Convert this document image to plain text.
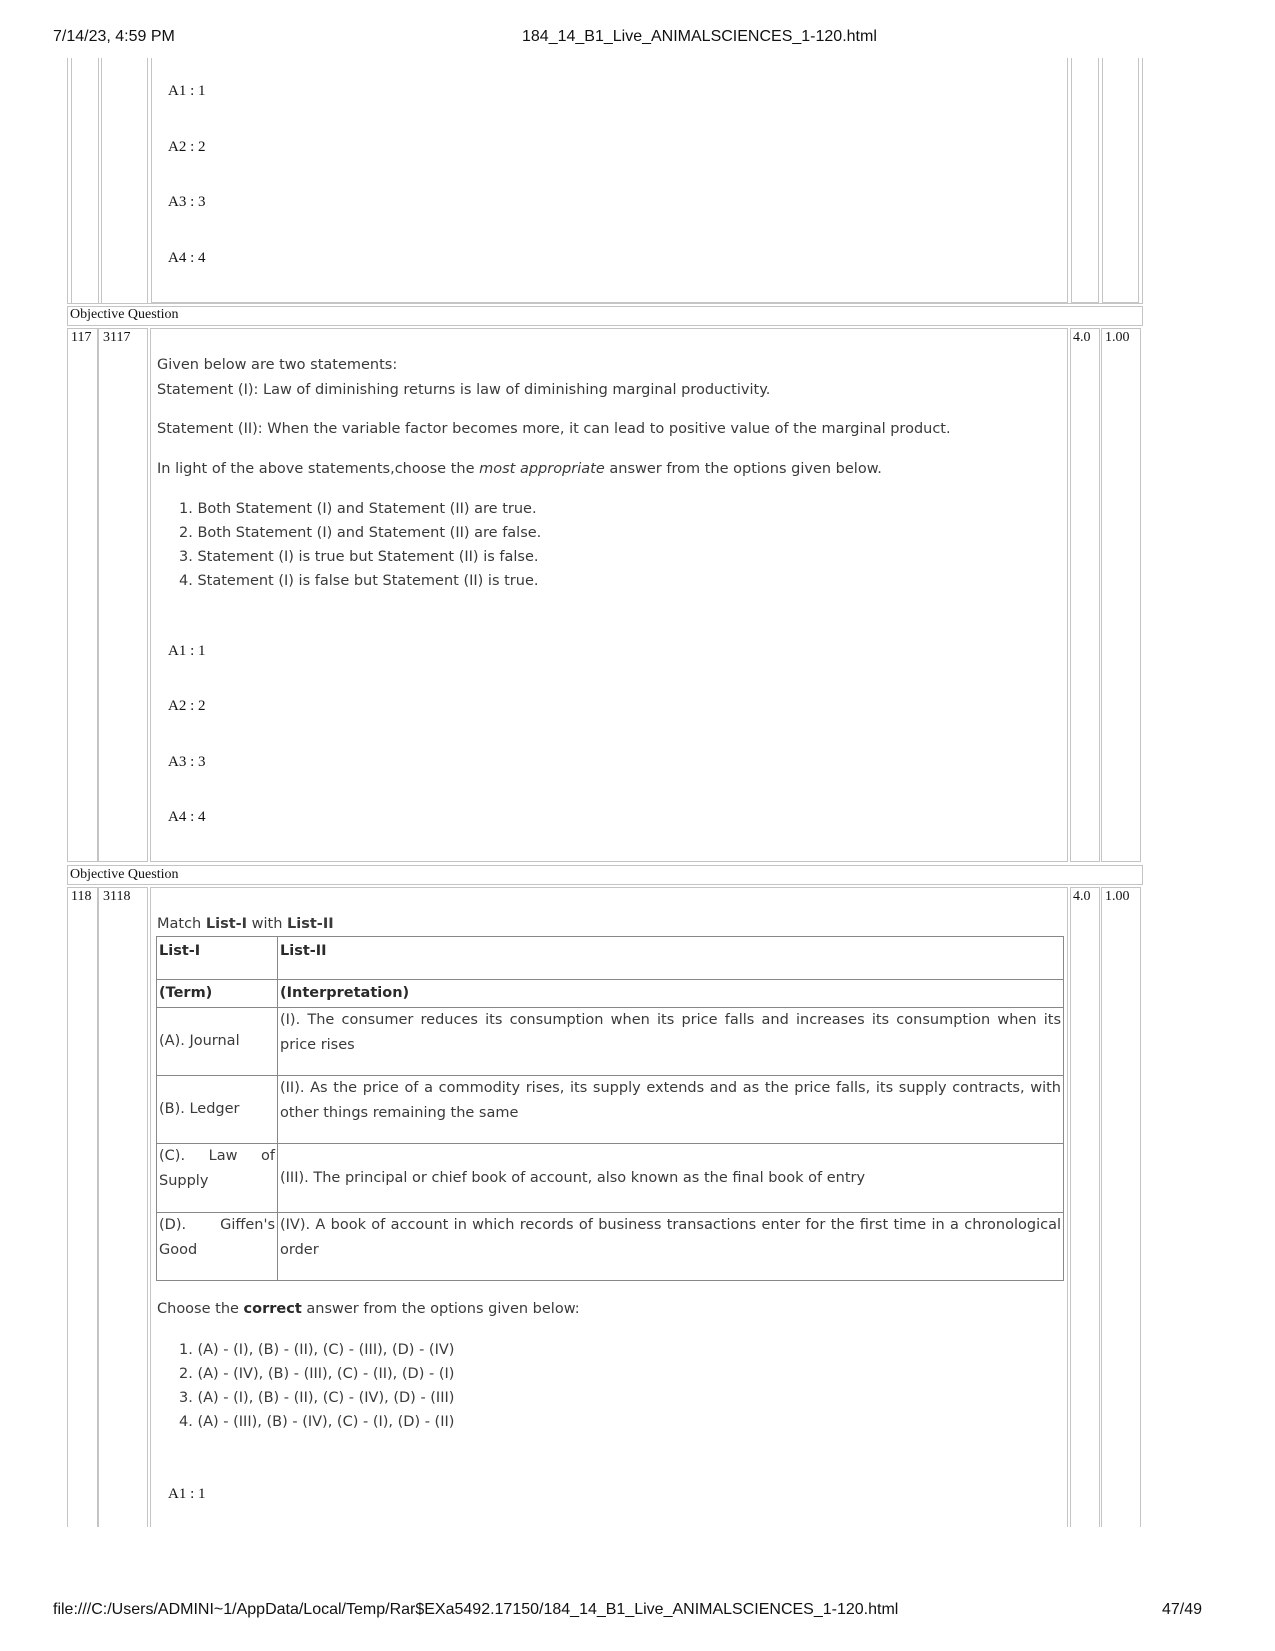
7/14/23, 4:59 PM	184_14_B1_Live_ANIMALSCIENCES_1-120.html
A1 : 1
A2 : 2
A3 : 3
A4 : 4
Objective Question
117 3117	4.0 1.00
Given below are two statements:
Statement (I): Law of diminishing returns is law of diminishing marginal productivity.
Statement (II): When the variable factor becomes more, it can lead to positive value of the marginal product.
In light of the above statements,choose the most appropriate answer from the options given below.
1. Both Statement (I) and Statement (II) are true.
2. Both Statement (I) and Statement (II) are false.
3. Statement (I) is true but Statement (II) is false.
4. Statement (I) is false but Statement (II) is true.
A1 : 1
A2 : 2
A3 : 3
A4 : 4
Objective Question
118 3118	4.0 1.00
Match List-I with List-II
List-I	List-II
(Term)	(Interpretation)
(A). Journal	(I). The consumer reduces its consumption when its price falls and increases its consumption when its price rises
(B). Ledger	(II). As the price of a commodity rises, its supply extends and as the price falls, its supply contracts, with other things remaining the same
(C). Law of Supply	(III). The principal or chief book of account, also known as the final book of entry
(D). Giffen's Good	(IV). A book of account in which records of business transactions enter for the first time in a chronological order
Choose the correct answer from the options given below:
1. (A) - (I), (B) - (II), (C) - (III), (D) - (IV)
2. (A) - (IV), (B) - (III), (C) - (II), (D) - (I)
3. (A) - (I), (B) - (II), (C) - (IV), (D) - (III)
4. (A) - (III), (B) - (IV), (C) - (I), (D) - (II)
A1 : 1
file:///C:/Users/ADMINI~1/AppData/Local/Temp/Rar$EXa5492.17150/184_14_B1_Live_ANIMALSCIENCES_1-120.html	47/49
